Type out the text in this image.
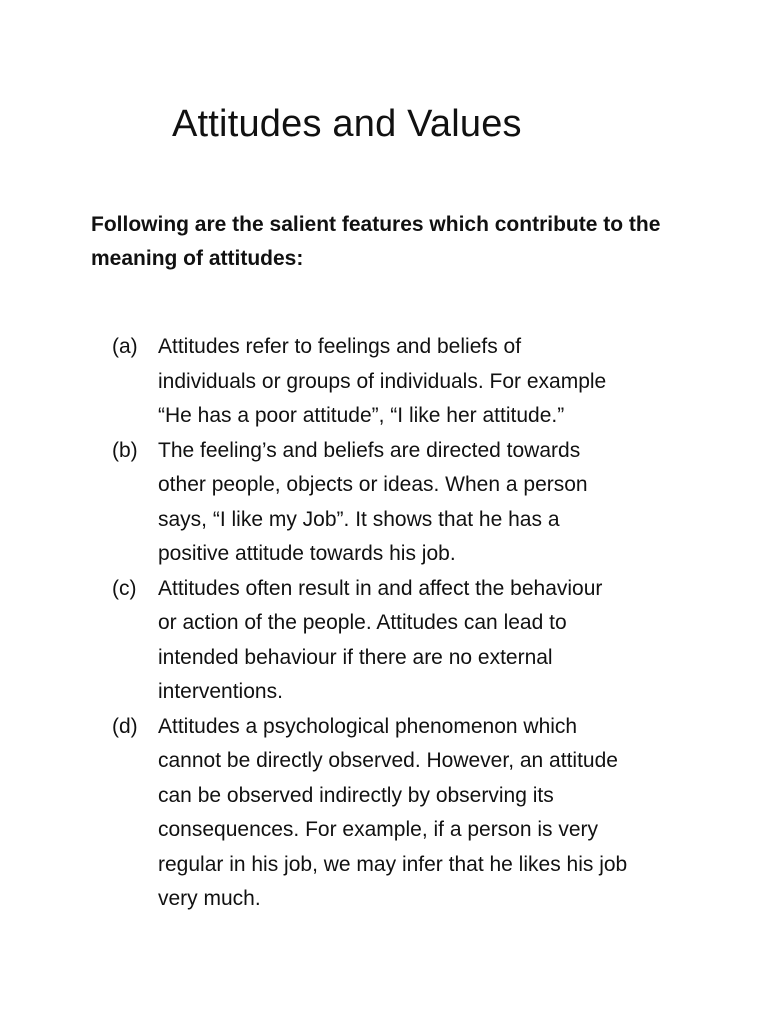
Attitudes and Values

Following are the salient features which contribute to the meaning of attitudes:

(a) Attitudes refer to feelings and beliefs of
individuals or groups of individuals. For example
“He has a poor attitude”, “I like her attitude.”
(b) The feeling’s and beliefs are directed towards
other people, objects or ideas. When a person
says, “I like my Job”. It shows that he has a
positive attitude towards his job.
(c)	Attitudes often result in and affect the behaviour
or action of the people. Attitudes can lead to
intended behaviour if there are no external
interventions.
(d) Attitudes a psychological phenomenon which
cannot be directly observed. However, an attitude
can be observed indirectly by observing its
consequences. For example, if a person is very
regular in his job, we may infer that he likes his job
very much.
